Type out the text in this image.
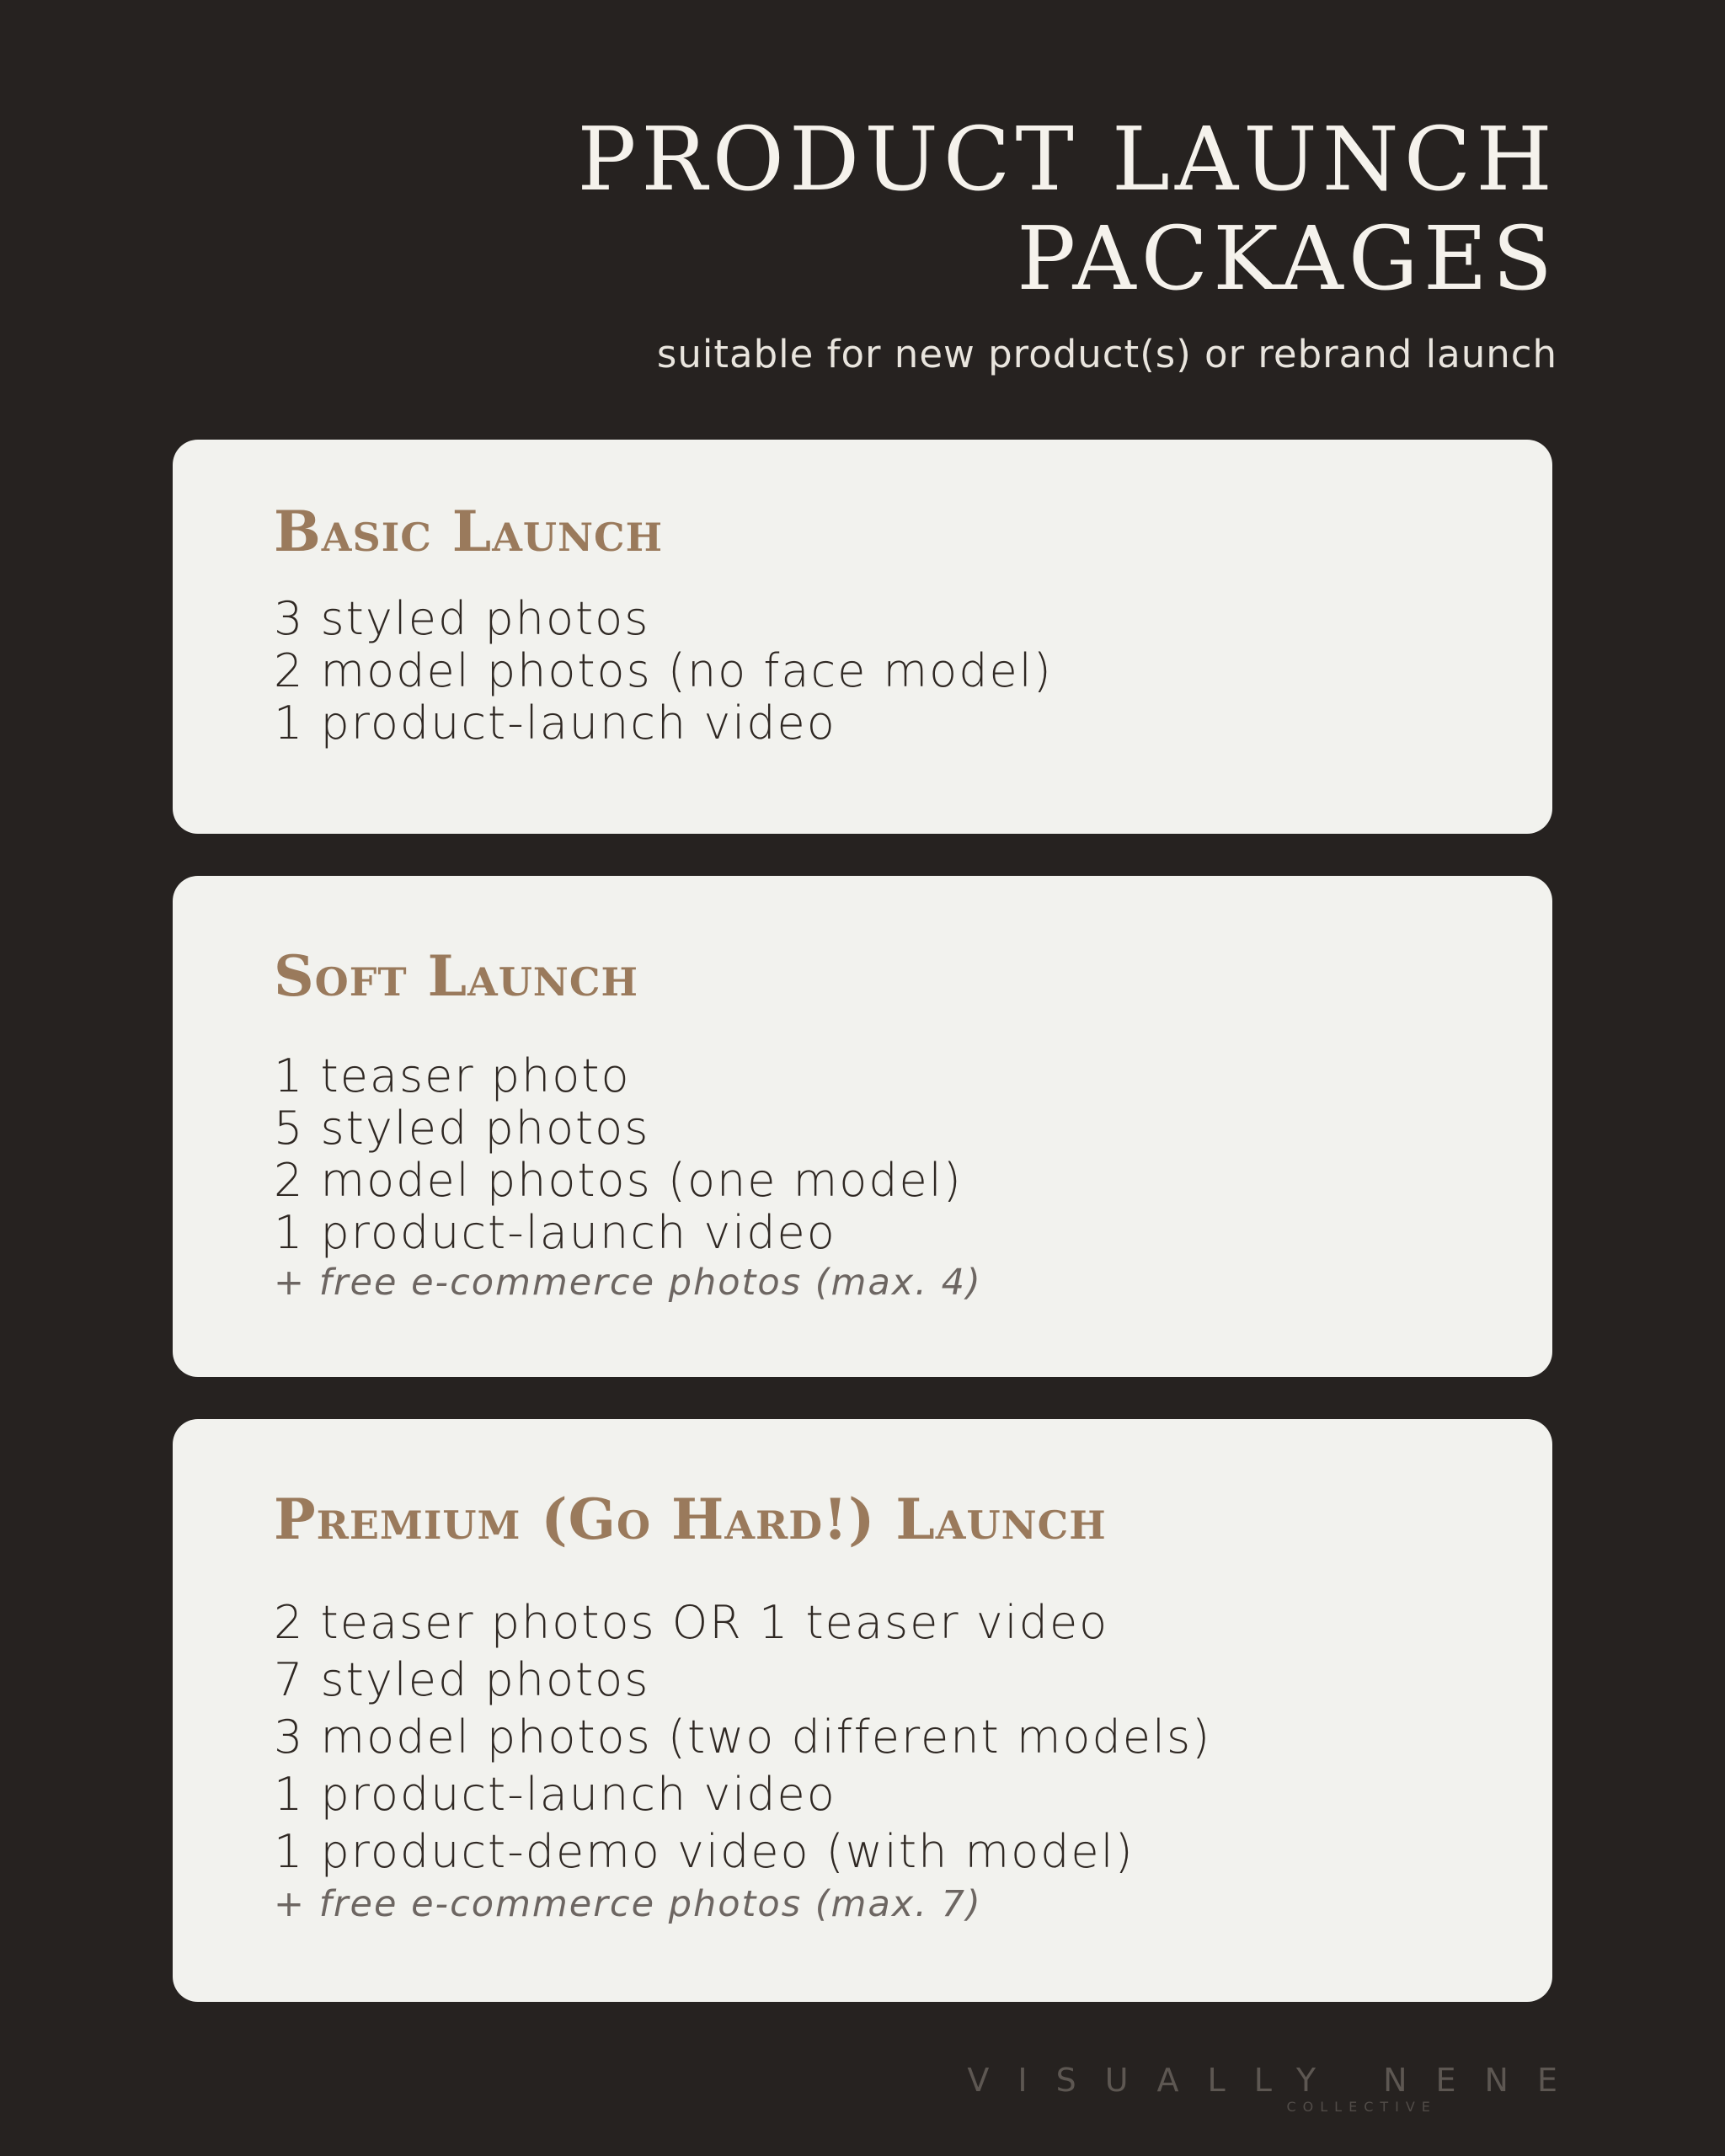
PRODUCT LAUNCH
PACKAGES
suitable for new product(s) or rebrand launch
Basic Launch
3 styled photos
2 model photos (no face model)
1 product-launch video
Soft Launch
1 teaser photo
5 styled photos
2 model photos (one model)
1 product-launch video
+ free e-commerce photos (max. 4)
Premium (Go Hard!) Launch
2 teaser photos OR 1 teaser video
7 styled photos
3 model photos (two different models)
1 product-launch video
1 product-demo video (with model)
+ free e-commerce photos (max. 7)
VISUALLY NENE
COLLECTIVE
